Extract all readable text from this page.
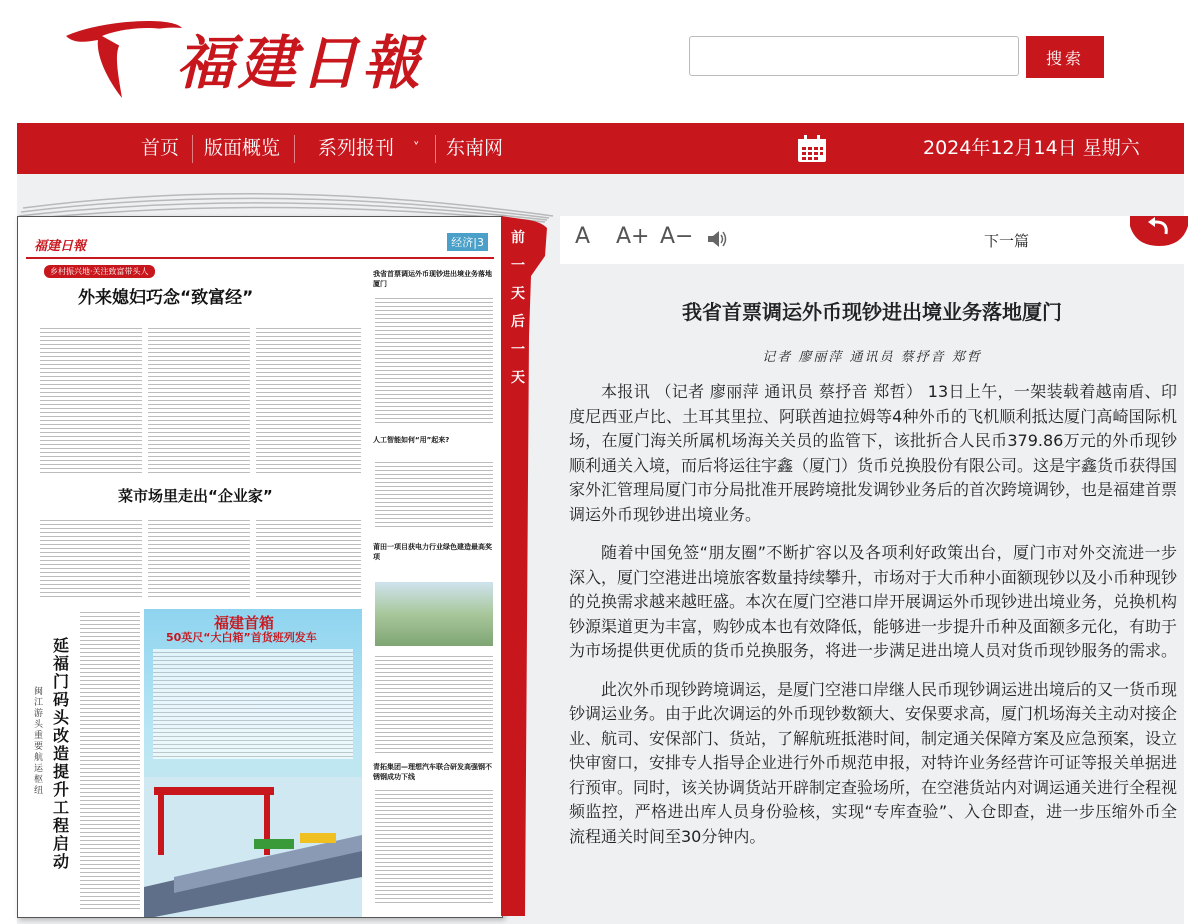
福建日報	搜索
首页 版面概览 系列报刊 ˅ 东南网	2024年12月14日 星期六
福建日報	经济|3
乡村振兴地·关注致富带头人
外来媳妇巧念“致富经”
菜市场里走出“企业家”
我省首票调运外币现钞进出境业务落地厦门
人工智能如何“用”起来?
莆田一项目获电力行业绿色建造最高奖项
青拓集团—理想汽车联合研发高强钢不锈钢成功下线
延福门码头改造提升工程启动
闽江游头重要航运枢纽
福建首箱
50英尺“大白箱”首货班列发车
前
一
天
后
一
天
A A+ A−	下一篇
我省首票调运外币现钞进出境业务落地厦门
记者 廖丽萍 通讯员 蔡抒音 郑哲

本报讯 （记者 廖丽萍 通讯员 蔡抒音 郑哲） 13日上午，一架装载着越南盾、印度尼西亚卢比、土耳其里拉、阿联酋迪拉姆等4种外币的飞机顺利抵达厦门高崎国际机场，在厦门海关所属机场海关关员的监管下，该批折合人民币379.86万元的外币现钞顺利通关入境，而后将运往宇鑫（厦门）货币兑换股份有限公司。这是宇鑫货币获得国家外汇管理局厦门市分局批准开展跨境批发调钞业务后的首次跨境调钞，也是福建首票调运外币现钞进出境业务。

随着中国免签“朋友圈”不断扩容以及各项利好政策出台，厦门市对外交流进一步深入，厦门空港进出境旅客数量持续攀升，市场对于大币种小面额现钞以及小币种现钞的兑换需求越来越旺盛。本次在厦门空港口岸开展调运外币现钞进出境业务，兑换机构钞源渠道更为丰富，购钞成本也有效降低，能够进一步提升币种及面额多元化，有助于为市场提供更优质的货币兑换服务，将进一步满足进出境人员对货币现钞服务的需求。

此次外币现钞跨境调运，是厦门空港口岸继人民币现钞调运进出境后的又一货币现钞调运业务。由于此次调运的外币现钞数额大、安保要求高，厦门机场海关主动对接企业、航司、安保部门、货站，了解航班抵港时间，制定通关保障方案及应急预案，设立快审窗口，安排专人指导企业进行外币规范申报，对特许业务经营许可证等报关单据进行预审。同时，该关协调货站开辟制定查验场所，在空港货站内对调运通关进行全程视频监控，严格进出库人员身份验核，实现“专库查验”、入仓即查，进一步压缩外币全流程通关时间至30分钟内。
